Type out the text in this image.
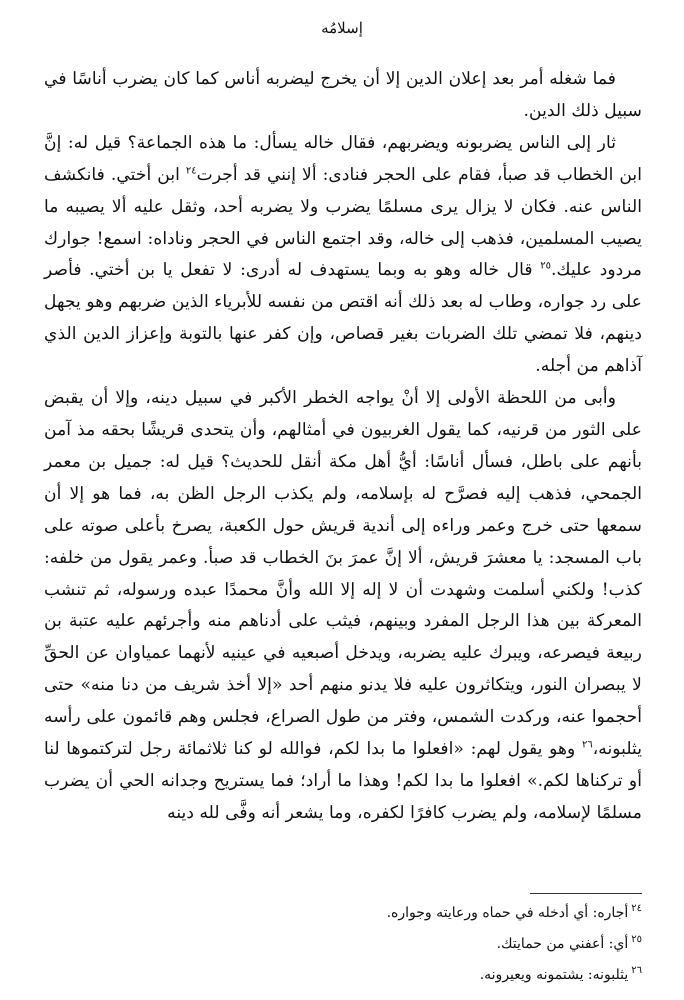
إسلامُه

فما شغله أمر بعد إعلان الدين إلا أن يخرج ليضربه أناس كما كان يضرب أناسًا في سبيل ذلك الدين.

ثار إلى الناس يضربونه ويضربهم، فقال خاله يسأل: ما هذه الجماعة؟ قيل له: إنَّ ابن الخطاب قد صبأ، فقام على الحجر فنادى: ألا إنني قد أجرت$^{٢٤}$ ابن أختي. فانكشف الناس عنه. فكان لا يزال يرى مسلمًا يضرب ولا يضربه أحد، وثقل عليه ألا يصيبه ما يصيب المسلمين، فذهب إلى خاله، وقد اجتمع الناس في الحجر وناداه: اسمع! جوارك مردود عليك.$^{٢٥}$ قال خاله وهو به وبما يستهدف له أدرى: لا تفعل يا بن أختي. فأصر على رد جواره، وطاب له بعد ذلك أنه اقتص من نفسه للأبرياء الذين ضربهم وهو يجهل دينهم، فلا تمضي تلك الضربات بغير قصاص، وإن كفر عنها بالتوبة وإعزاز الدين الذي آذاهم من أجله.

وأبى من اللحظة الأولى إلا أنْ يواجه الخطر الأكبر في سبيل دينه، وإلا أن يقبض على الثور من قرنيه، كما يقول الغربيون في أمثالهم، وأن يتحدى قريشًا بحقه مذ آمن بأنهم على باطل، فسأل أناسًا: أيُّ أهل مكة أنقل للحديث؟ قيل له: جميل بن معمر الجمحي، فذهب إليه فصرَّح له بإسلامه، ولم يكذب الرجل الظن به، فما هو إلا أن سمعها حتى خرج وعمر وراءه إلى أندية قريش حول الكعبة، يصرخ بأعلى صوته على باب المسجد: يا معشرَ قريش، ألا إنَّ عمرَ بنَ الخطاب قد صبأ. وعمر يقول من خلفه: كذب! ولكني أسلمت وشهدت أن لا إله إلا الله وأنَّ محمدًا عبده ورسوله، ثم تنشب المعركة بين هذا الرجل المفرد وبينهم، فيثب على أدناهم منه وأجرئهم عليه عتبة بن ربيعة فيصرعه، ويبرك عليه يضربه، ويدخل أصبعيه في عينيه لأنهما عمياوان عن الحقِّ لا يبصران النور، ويتكاثرون عليه فلا يدنو منهم أحد «إلا أخذ شريف من دنا منه» حتى أحجموا عنه، وركدت الشمس، وفتر من طول الصراع، فجلس وهم قائمون على رأسه يثلبونه،$^{٢٦}$ وهو يقول لهم: «افعلوا ما بدا لكم، فوالله لو كنا ثلاثمائة رجل لتركتموها لنا أو تركناها لكم.» افعلوا ما بدا لكم! وهذا ما أراد؛ فما يستريح وجدانه الحي أن يضرب مسلمًا لإسلامه، ولم يضرب كافرًا لكفره، وما يشعر أنه وفَّى لله دينه

٢٤أجاره: أي أدخله في حماه ورعايته وجواره.

٢٥أي: أعفني من حمايتك.

٢٦يثلبونه: يشتمونه ويعيرونه.
